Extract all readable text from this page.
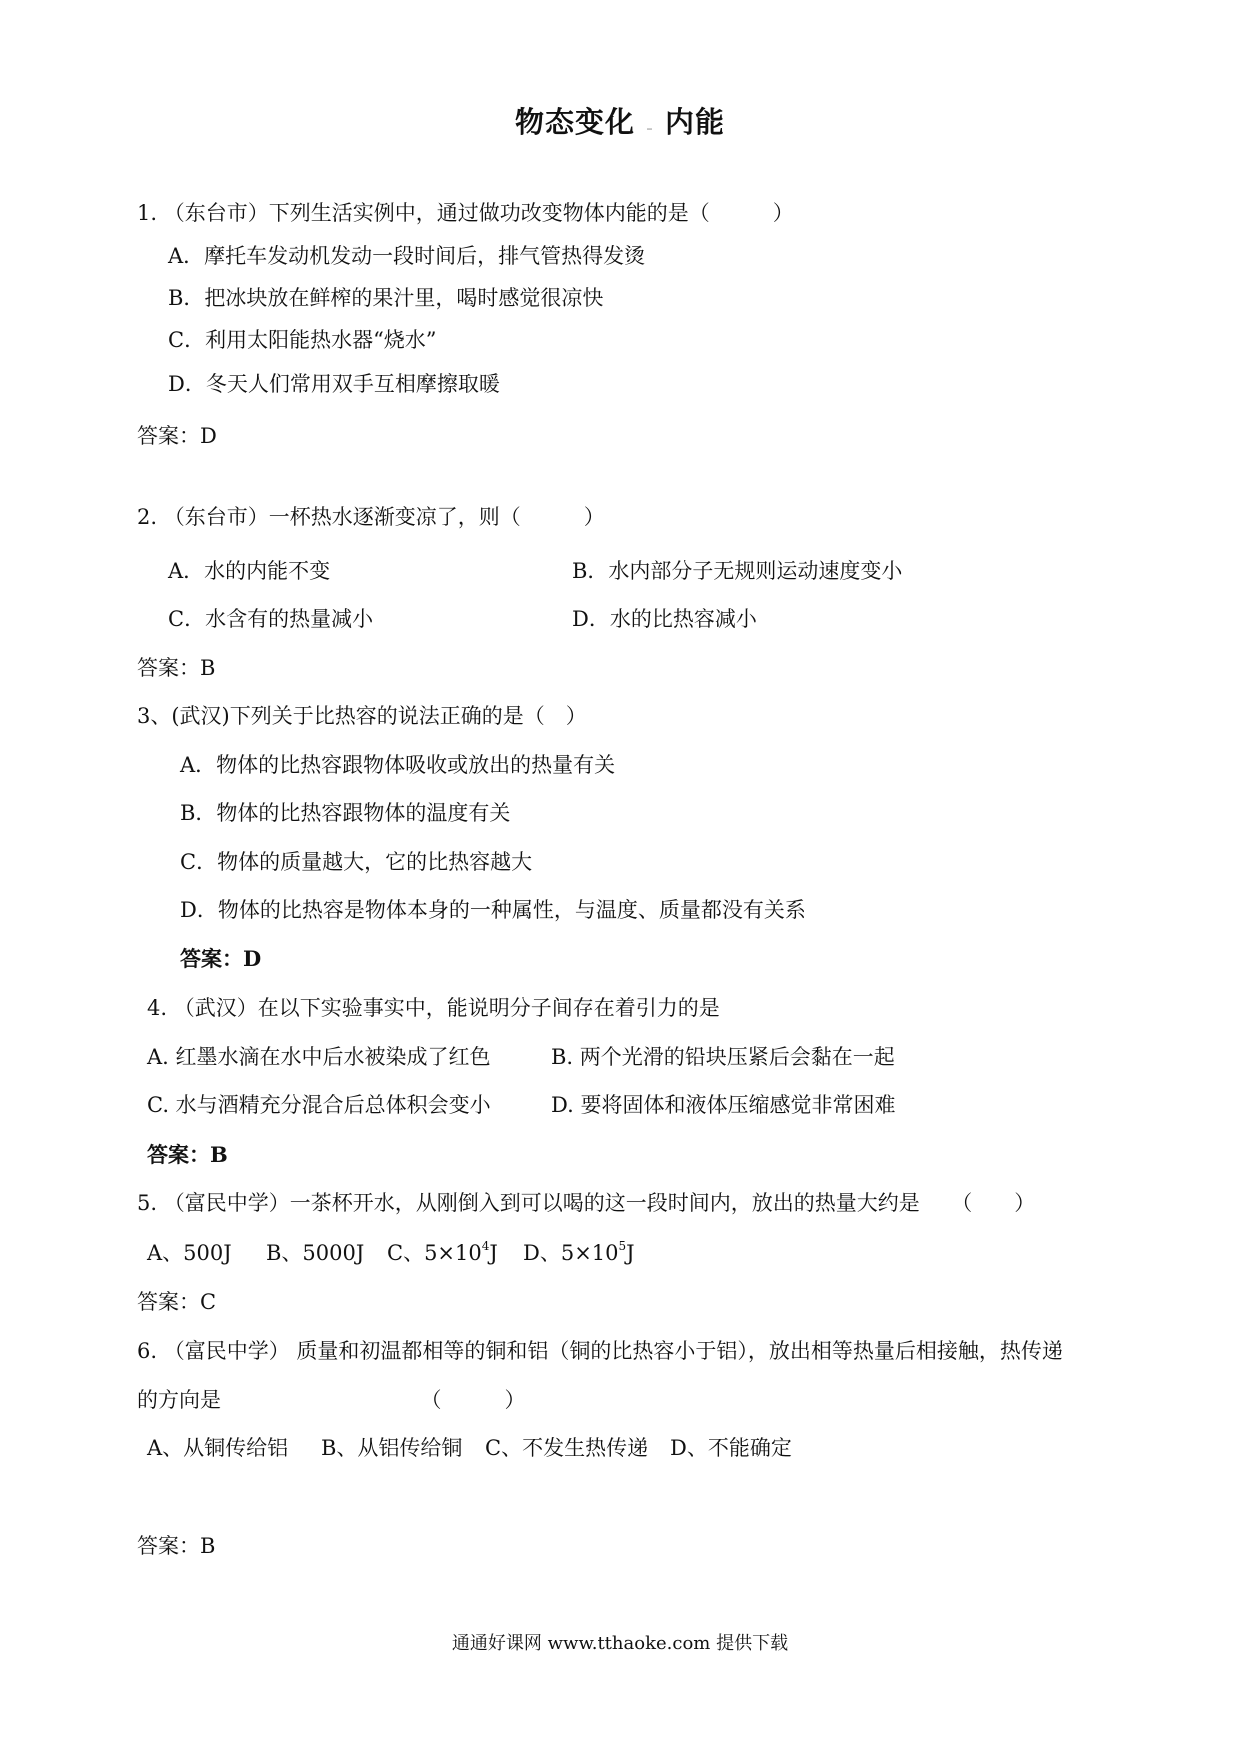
物态变化 _ 内能
1. （东台市）下列生活实例中，通过做功改变物体内能的是（　　　）
A．摩托车发动机发动一段时间后，排气管热得发烫
B．把冰块放在鲜榨的果汁里，喝时感觉很凉快
C．利用太阳能热水器“烧水”
D．冬天人们常用双手互相摩擦取暖
答案：D
2. （东台市）一杯热水逐渐变凉了，则（　　　）
A．水的内能不变	B．水内部分子无规则运动速度变小
C．水含有的热量减小	D．水的比热容减小
答案：B
3、(武汉)下列关于比热容的说法正确的是（　）
A．物体的比热容跟物体吸收或放出的热量有关
B．物体的比热容跟物体的温度有关
C．物体的质量越大，它的比热容越大
D．物体的比热容是物体本身的一种属性，与温度、质量都没有关系
答案：D
4. （武汉）在以下实验事实中，能说明分子间存在着引力的是
A. 红墨水滴在水中后水被染成了红色	B. 两个光滑的铅块压紧后会黏在一起
C. 水与酒精充分混合后总体积会变小	D. 要将固体和液体压缩感觉非常困难
答案：B
5. （富民中学）一茶杯开水，从刚倒入到可以喝的这一段时间内，放出的热量大约是　　（　　）
A、500J B、5000J C、$5\times 10^4J$ D、$5\times 10^5J$
答案：C
6. （富民中学） 质量和初温都相等的铜和铝（铜的比热容小于铝），放出相等热量后相接触，热传递
的方向是　　　　　　　　　　（　　　）
A、从铜传给铝 B、从铝传给铜 C、不发生热传递 D、不能确定
答案：B
通通好课网 www.tthaoke.com 提供下载
